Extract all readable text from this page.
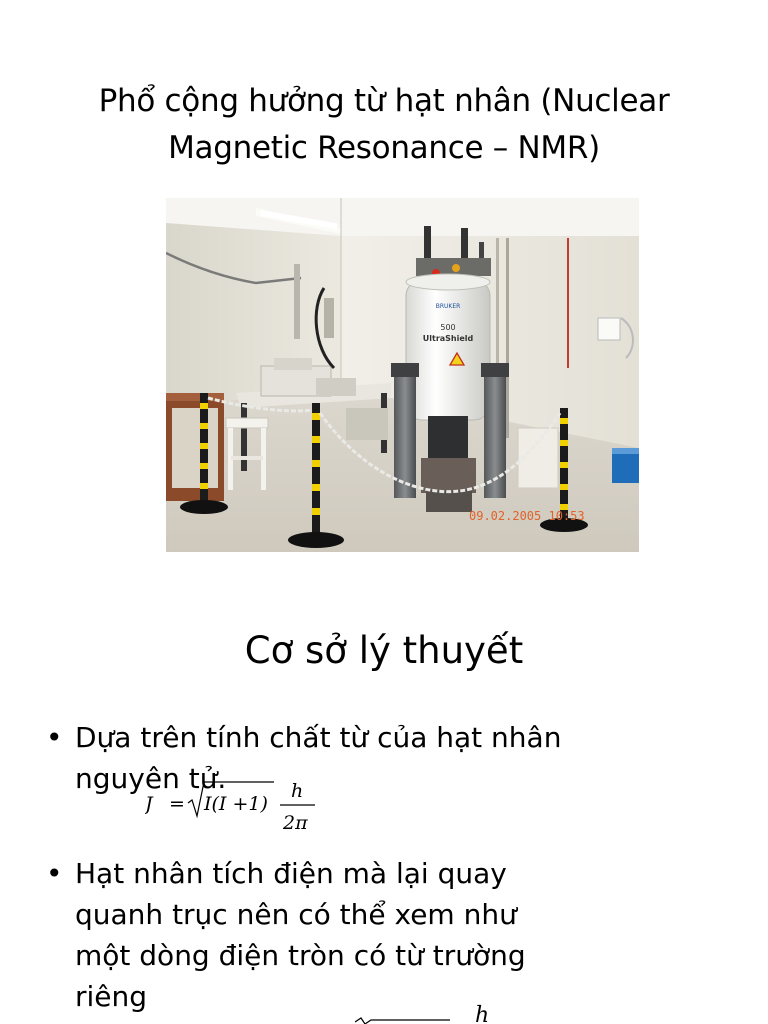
Phổ cộng hưởng từ hạt nhân (Nuclear Magnetic Resonance – NMR)
BRUKER
500
UltraShield
09.02.2005 10:53
Cơ sở lý thuyết
• Dựa trên tính chất từ của hạt nhân nguyên tử.
J = I(I +1)
h
2π
• Hạt nhân tích điện mà lại quay quanh trục nên có thể xem như một dòng điện tròn có từ trường riêng
h
